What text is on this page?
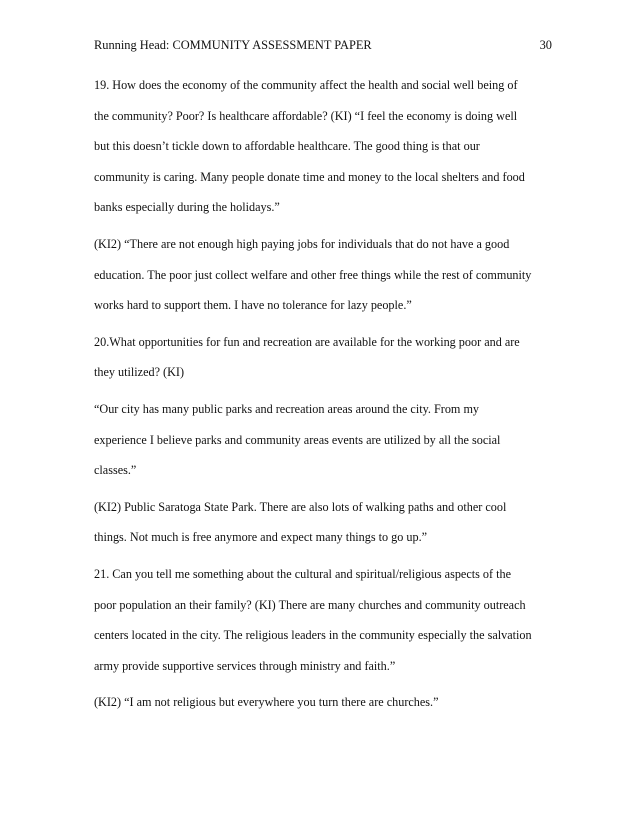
Running Head: COMMUNITY ASSESSMENT PAPER	30

19. How does the economy of the community affect the health and social well being of
the community? Poor? Is healthcare affordable? (KI) “I feel the economy is doing well
but this doesn’t tickle down to affordable healthcare. The good thing is that our
community is caring. Many people donate time and money to the local shelters and food
banks especially during the holidays.”

(KI2) “There are not enough high paying jobs for individuals that do not have a good
education. The poor just collect welfare and other free things while the rest of community
works hard to support them. I have no tolerance for lazy people.”

20.What opportunities for fun and recreation are available for the working poor and are
they utilized? (KI)

“Our city has many public parks and recreation areas around the city. From my
experience I believe parks and community areas events are utilized by all the social
classes.”

(KI2) Public Saratoga State Park. There are also lots of walking paths and other cool
things. Not much is free anymore and expect many things to go up.”

21. Can you tell me something about the cultural and spiritual/religious aspects of the
poor population an their family? (KI) There are many churches and community outreach
centers located in the city. The religious leaders in the community especially the salvation
army provide supportive services through ministry and faith.”

(KI2) “I am not religious but everywhere you turn there are churches.”
